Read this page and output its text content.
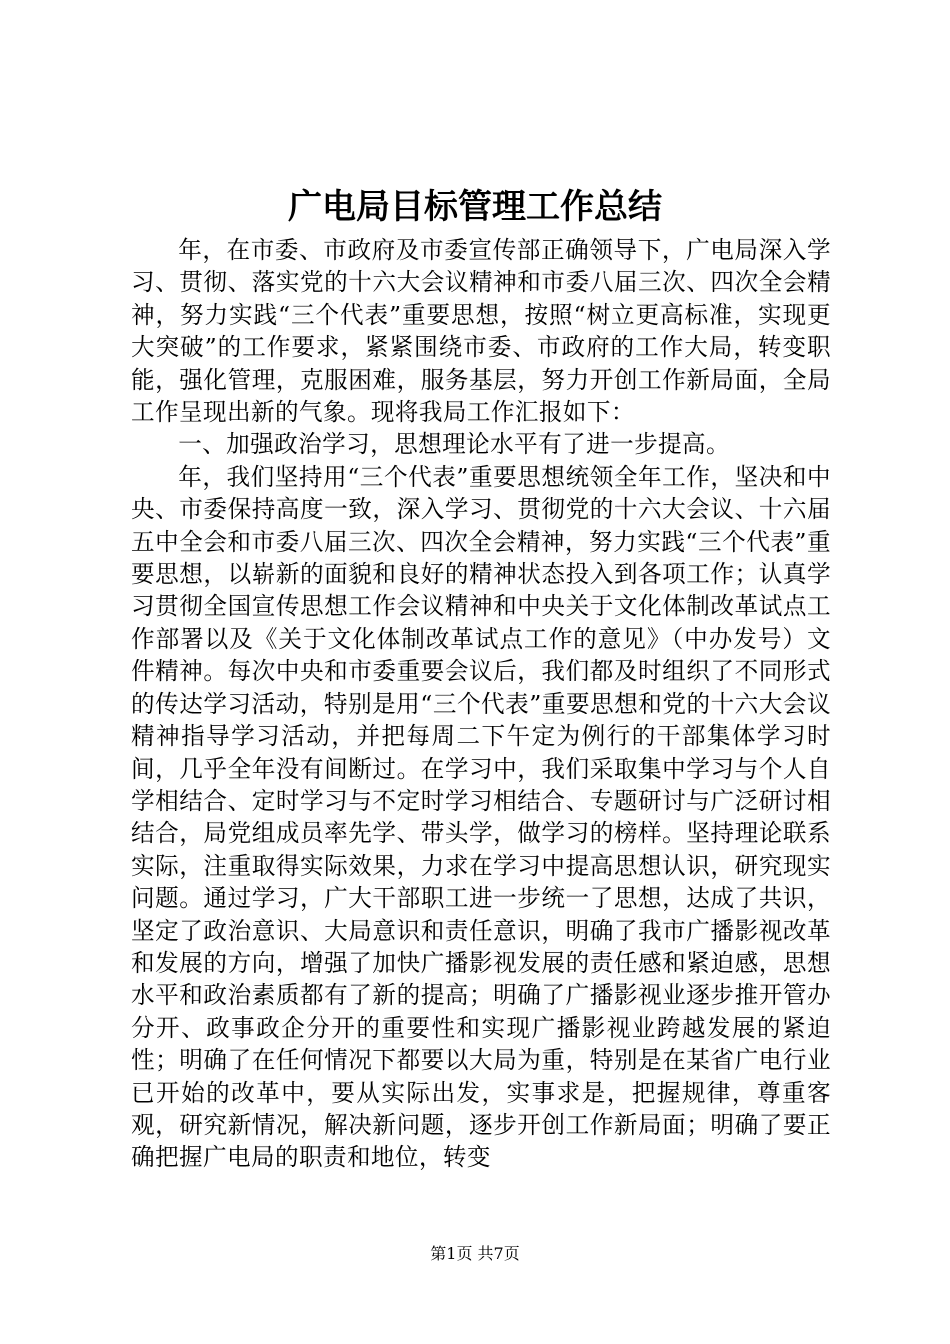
广电局目标管理工作总结

年，在市委、市政府及市委宣传部正确领导下，广电局深入学习、贯彻、落实党的十六大会议精神和市委八届三次、四次全会精神，努力实践“三个代表”重要思想，按照“树立更高标准，实现更大突破”的工作要求，紧紧围绕市委、市政府的工作大局，转变职能，强化管理，克服困难，服务基层，努力开创工作新局面，全局工作呈现出新的气象。现将我局工作汇报如下：

一、加强政治学习，思想理论水平有了进一步提高。

年，我们坚持用“三个代表”重要思想统领全年工作，坚决和中央、市委保持高度一致，深入学习、贯彻党的十六大会议、十六届五中全会和市委八届三次、四次全会精神，努力实践“三个代表”重要思想，以崭新的面貌和良好的精神状态投入到各项工作；认真学习贯彻全国宣传思想工作会议精神和中央关于文化体制改革试点工作部署以及《关于文化体制改革试点工作的意见》（中办发号）文件精神。每次中央和市委重要会议后，我们都及时组织了不同形式的传达学习活动，特别是用“三个代表”重要思想和党的十六大会议精神指导学习活动，并把每周二下午定为例行的干部集体学习时间，几乎全年没有间断过。在学习中，我们采取集中学习与个人自学相结合、定时学习与不定时学习相结合、专题研讨与广泛研讨相结合，局党组成员率先学、带头学，做学习的榜样。坚持理论联系实际，注重取得实际效果，力求在学习中提高思想认识，研究现实问题。通过学习，广大干部职工进一步统一了思想，达成了共识，坚定了政治意识、大局意识和责任意识，明确了我市广播影视改革和发展的方向，增强了加快广播影视发展的责任感和紧迫感，思想水平和政治素质都有了新的提高；明确了广播影视业逐步推开管办分开、政事政企分开的重要性和实现广播影视业跨越发展的紧迫性；明确了在任何情况下都要以大局为重，特别是在某省广电行业已开始的改革中，要从实际出发，实事求是，把握规律，尊重客观，研究新情况，解决新问题，逐步开创工作新局面；明确了要正确把握广电局的职责和地位，转变

第1页 共7页
